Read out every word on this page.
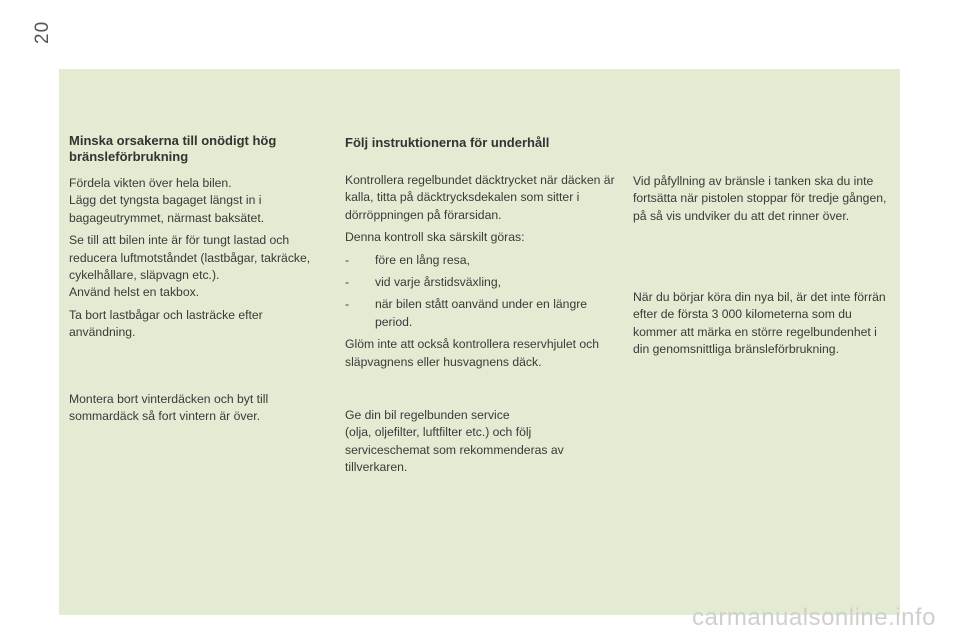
20
Minska orsakerna till onödigt hög bränsleförbrukning

Fördela vikten över hela bilen.

Lägg det tyngsta bagaget längst in i bagageutrymmet, närmast baksätet.

Se till att bilen inte är för tungt lastad och reducera luftmotståndet (lastbågar, takräcke, cykelhållare, släpvagn etc.).

Använd helst en takbox.

Ta bort lastbågar och lasträcke efter användning.

Montera bort vinterdäcken och byt till sommardäck så fort vintern är över.

Följ instruktionerna för underhåll

Kontrollera regelbundet däcktrycket när däcken är kalla, titta på däcktrycksdekalen som sitter i dörröppningen på förarsidan.

Denna kontroll ska särskilt göras:

- före en lång resa,
- vid varje årstidsväxling,
- när bilen stått oanvänd under en längre period.

Glöm inte att också kontrollera reservhjulet och släpvagnens eller husvagnens däck.

Ge din bil regelbunden service

(olja, oljefilter, luftfilter etc.) och följ serviceschemat som rekommenderas av tillverkaren.

Vid påfyllning av bränsle i tanken ska du inte fortsätta när pistolen stoppar för tredje gången, på så vis undviker du att det rinner över.

När du börjar köra din nya bil, är det inte förrän efter de första 3 000 kilometerna som du kommer att märka en större regelbundenhet i din genomsnittliga bränsleförbrukning.

carmanualsonline.info
